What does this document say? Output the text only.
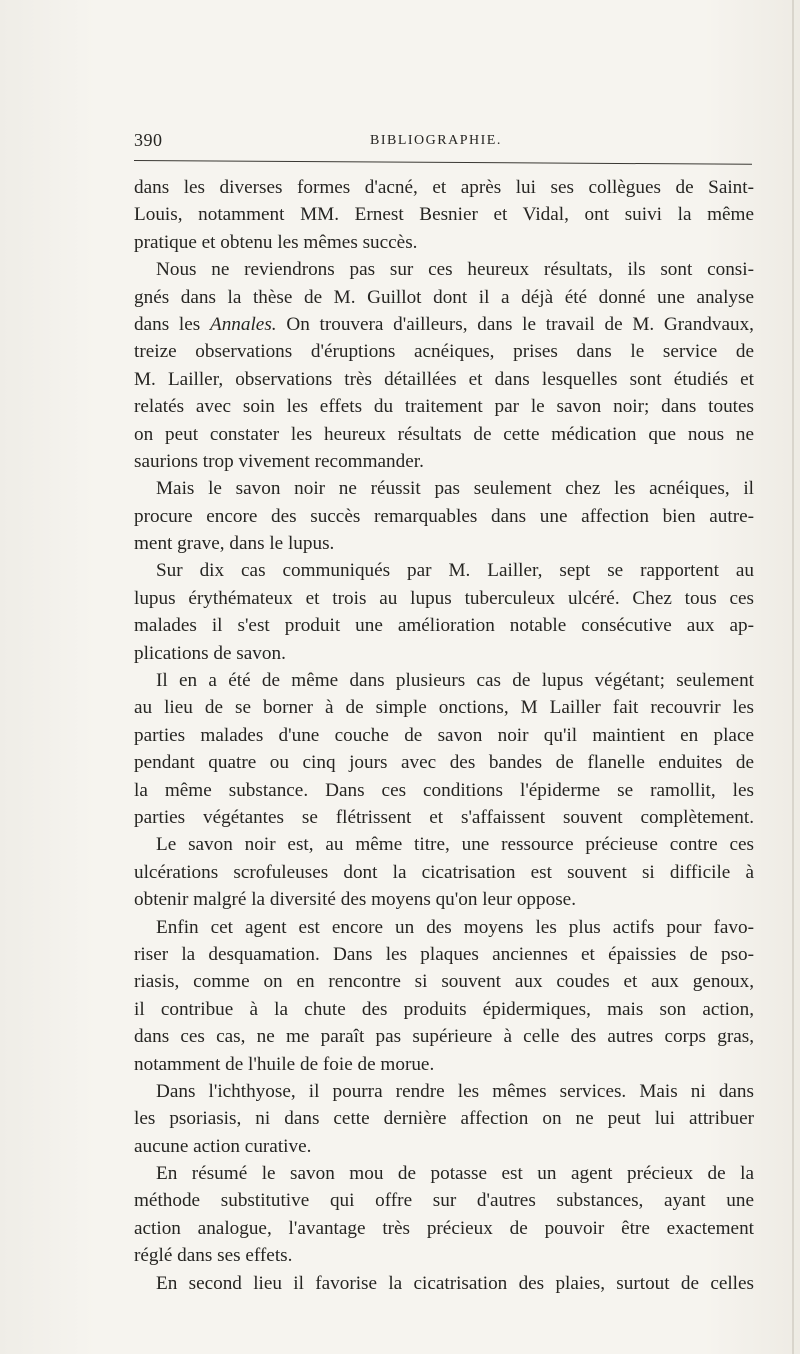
390	BIBLIOGRAPHIE.
dans les diverses formes d'acné, et après lui ses collègues de Saint-
Louis, notamment MM. Ernest Besnier et Vidal, ont suivi la même
pratique et obtenu les mêmes succès.
Nous ne reviendrons pas sur ces heureux résultats, ils sont consi-
gnés dans la thèse de M. Guillot dont il a déjà été donné une analyse
dans les Annales. On trouvera d'ailleurs, dans le travail de M. Grandvaux,
treize observations d'éruptions acnéiques, prises dans le service de
M. Lailler, observations très détaillées et dans lesquelles sont étudiés et
relatés avec soin les effets du traitement par le savon noir; dans toutes
on peut constater les heureux résultats de cette médication que nous ne
saurions trop vivement recommander.
Mais le savon noir ne réussit pas seulement chez les acnéiques, il
procure encore des succès remarquables dans une affection bien autre-
ment grave, dans le lupus.
Sur dix cas communiqués par M. Lailler, sept se rapportent au
lupus érythémateux et trois au lupus tuberculeux ulcéré. Chez tous ces
malades il s'est produit une amélioration notable consécutive aux ap-
plications de savon.
Il en a été de même dans plusieurs cas de lupus végétant; seulement
au lieu de se borner à de simple onctions, M Lailler fait recouvrir les
parties malades d'une couche de savon noir qu'il maintient en place
pendant quatre ou cinq jours avec des bandes de flanelle enduites de
la même substance. Dans ces conditions l'épiderme se ramollit, les
parties végétantes se flétrissent et s'affaissent souvent complètement.
Le savon noir est, au même titre, une ressource précieuse contre ces
ulcérations scrofuleuses dont la cicatrisation est souvent si difficile à
obtenir malgré la diversité des moyens qu'on leur oppose.
Enfin cet agent est encore un des moyens les plus actifs pour favo-
riser la desquamation. Dans les plaques anciennes et épaissies de pso-
riasis, comme on en rencontre si souvent aux coudes et aux genoux,
il contribue à la chute des produits épidermiques, mais son action,
dans ces cas, ne me paraît pas supérieure à celle des autres corps gras,
notamment de l'huile de foie de morue.
Dans l'ichthyose, il pourra rendre les mêmes services. Mais ni dans
les psoriasis, ni dans cette dernière affection on ne peut lui attribuer
aucune action curative.
En résumé le savon mou de potasse est un agent précieux de la
méthode substitutive qui offre sur d'autres substances, ayant une
action analogue, l'avantage très précieux de pouvoir être exactement
réglé dans ses effets.
En second lieu il favorise la cicatrisation des plaies, surtout de celles
